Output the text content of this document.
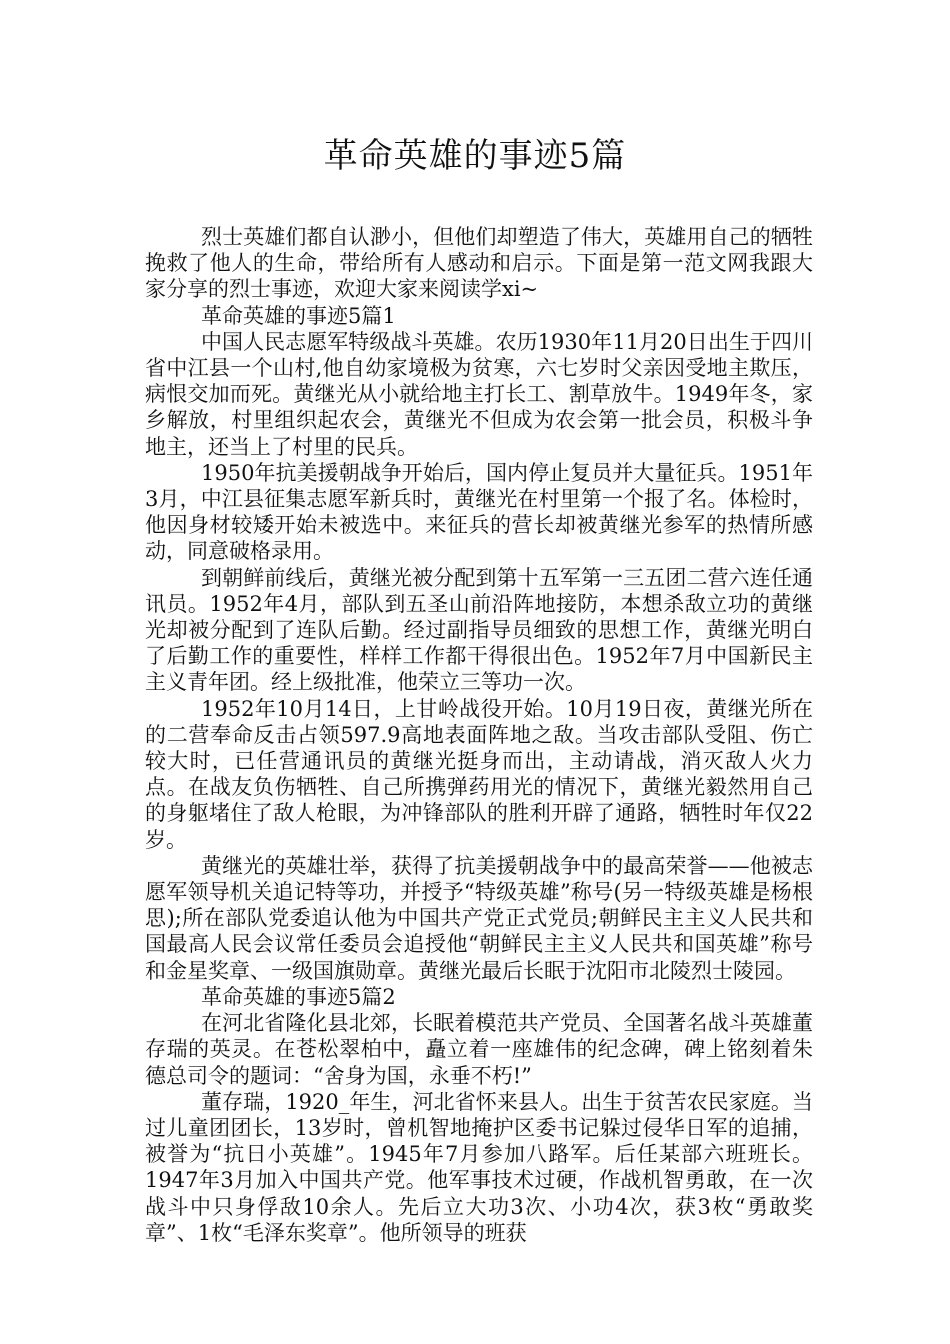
革命英雄的事迹5篇

烈士英雄们都自认渺小，但他们却塑造了伟大，英雄用自己的牺牲挽救了他人的生命，带给所有人感动和启示。下面是第一范文网我跟大家分享的烈士事迹，欢迎大家来阅读学xi~

革命英雄的事迹5篇1

中国人民志愿军特级战斗英雄。农历1930年11月20日出生于四川省中江县一个山村,他自幼家境极为贫寒，六七岁时父亲因受地主欺压，病恨交加而死。黄继光从小就给地主打长工、割草放牛。1949年冬，家乡解放，村里组织起农会，黄继光不但成为农会第一批会员，积极斗争地主，还当上了村里的民兵。

1950年抗美援朝战争开始后，国内停止复员并大量征兵。1951年3月，中江县征集志愿军新兵时，黄继光在村里第一个报了名。体检时，他因身材较矮开始未被选中。来征兵的营长却被黄继光参军的热情所感动，同意破格录用。

到朝鲜前线后，黄继光被分配到第十五军第一三五团二营六连任通讯员。1952年4月，部队到五圣山前沿阵地接防，本想杀敌立功的黄继光却被分配到了连队后勤。经过副指导员细致的思想工作，黄继光明白了后勤工作的重要性，样样工作都干得很出色。1952年7月中国新民主主义青年团。经上级批准，他荣立三等功一次。

1952年10月14日，上甘岭战役开始。10月19日夜，黄继光所在的二营奉命反击占领597.9高地表面阵地之敌。当攻击部队受阻、伤亡较大时，已任营通讯员的黄继光挺身而出，主动请战，消灭敌人火力点。在战友负伤牺牲、自己所携弹药用光的情况下，黄继光毅然用自己的身躯堵住了敌人枪眼，为冲锋部队的胜利开辟了通路，牺牲时年仅22岁。

黄继光的英雄壮举，获得了抗美援朝战争中的最高荣誉——他被志愿军领导机关追记特等功，并授予“特级英雄”称号(另一特级英雄是杨根思);所在部队党委追认他为中国共产党正式党员;朝鲜民主主义人民共和国最高人民会议常任委员会追授他“朝鲜民主主义人民共和国英雄”称号和金星奖章、一级国旗勋章。黄继光最后长眠于沈阳市北陵烈士陵园。

革命英雄的事迹5篇2

在河北省隆化县北郊，长眠着模范共产党员、全国著名战斗英雄董存瑞的英灵。在苍松翠柏中，矗立着一座雄伟的纪念碑，碑上铭刻着朱德总司令的题词：“舍身为国，永垂不朽!”

董存瑞，1920_年生，河北省怀来县人。出生于贫苦农民家庭。当过儿童团团长，13岁时，曾机智地掩护区委书记躲过侵华日军的追捕，被誉为“抗日小英雄”。1945年7月参加八路军。后任某部六班班长。1947年3月加入中国共产党。他军事技术过硬，作战机智勇敢，在一次战斗中只身俘敌10余人。先后立大功3次、小功4次，获3枚“勇敢奖章”、1枚“毛泽东奖章”。他所领导的班获
